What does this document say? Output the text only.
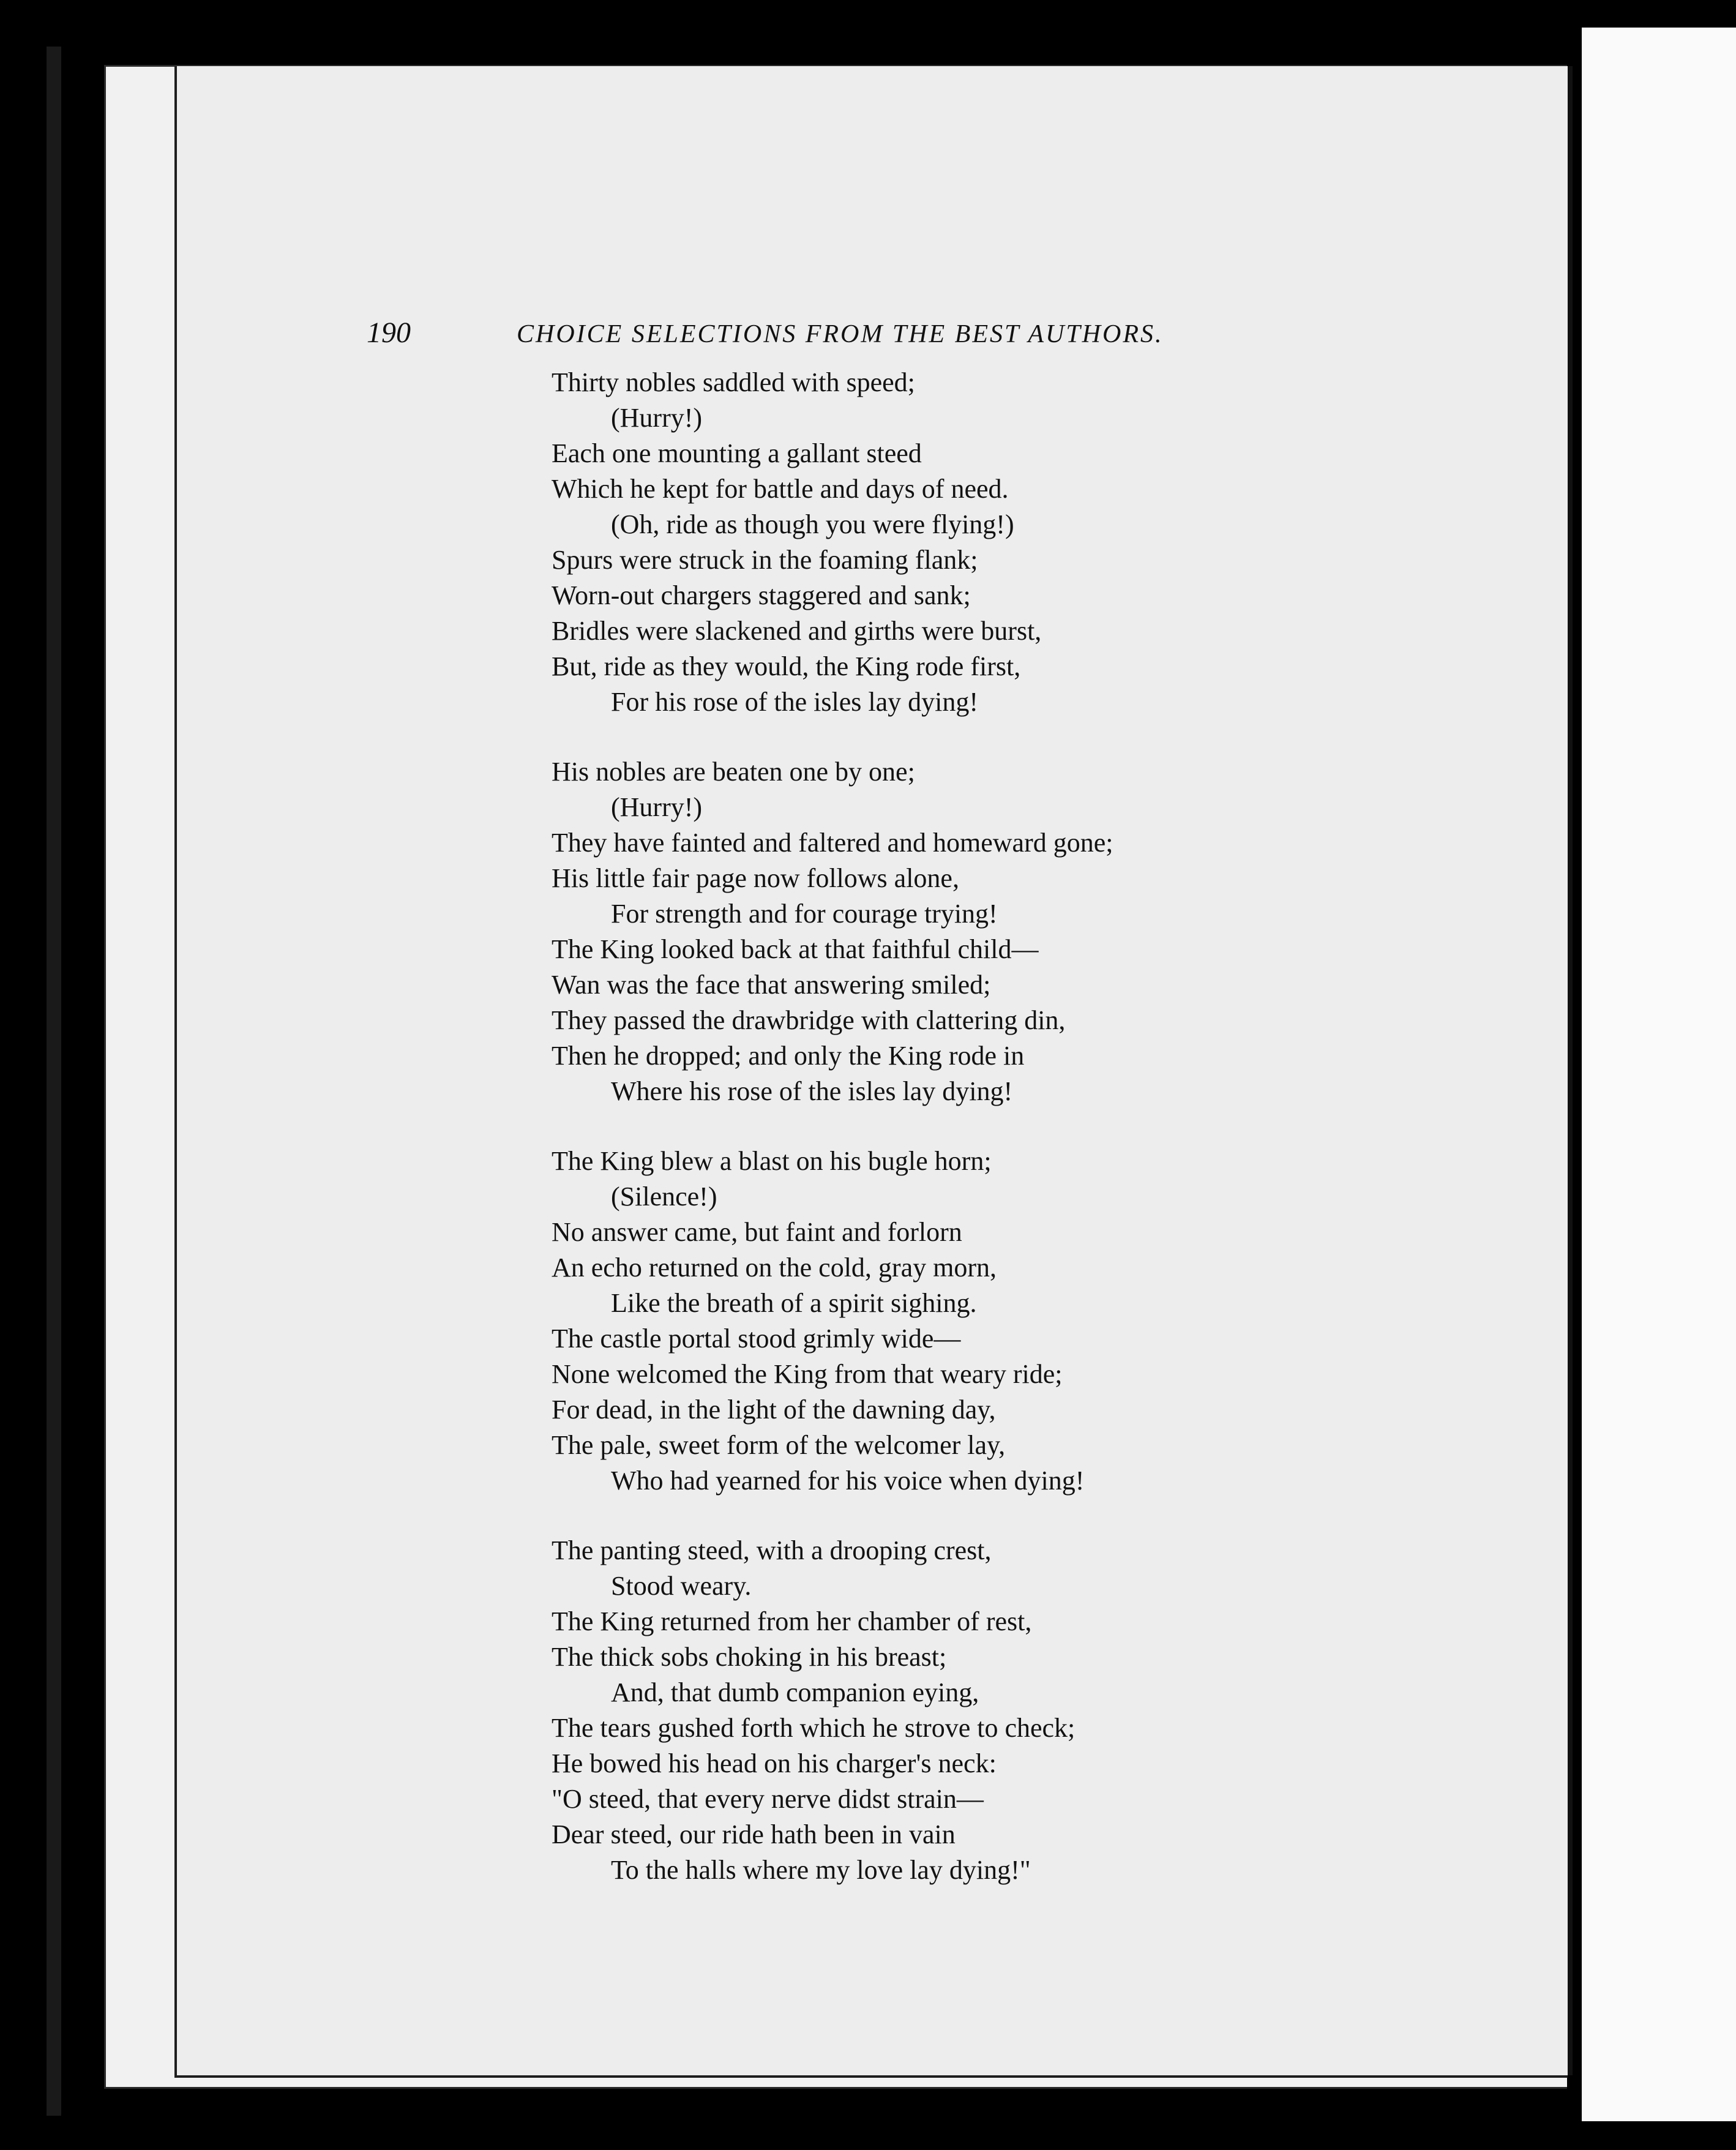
190	CHOICE SELECTIONS FROM THE BEST AUTHORS.
Thirty nobles saddled with speed;
(Hurry!)
Each one mounting a gallant steed
Which he kept for battle and days of need.
(Oh, ride as though you were flying!)
Spurs were struck in the foaming flank;
Worn-out chargers staggered and sank;
Bridles were slackened and girths were burst,
But, ride as they would, the King rode first,
For his rose of the isles lay dying!
His nobles are beaten one by one;
(Hurry!)
They have fainted and faltered and homeward gone;
His little fair page now follows alone,
For strength and for courage trying!
The King looked back at that faithful child—
Wan was the face that answering smiled;
They passed the drawbridge with clattering din,
Then he dropped; and only the King rode in
Where his rose of the isles lay dying!
The King blew a blast on his bugle horn;
(Silence!)
No answer came, but faint and forlorn
An echo returned on the cold, gray morn,
Like the breath of a spirit sighing.
The castle portal stood grimly wide—
None welcomed the King from that weary ride;
For dead, in the light of the dawning day,
The pale, sweet form of the welcomer lay,
Who had yearned for his voice when dying!
The panting steed, with a drooping crest,
Stood weary.
The King returned from her chamber of rest,
The thick sobs choking in his breast;
And, that dumb companion eying,
The tears gushed forth which he strove to check;
He bowed his head on his charger's neck:
"O steed, that every nerve didst strain—
Dear steed, our ride hath been in vain
To the halls where my love lay dying!"
